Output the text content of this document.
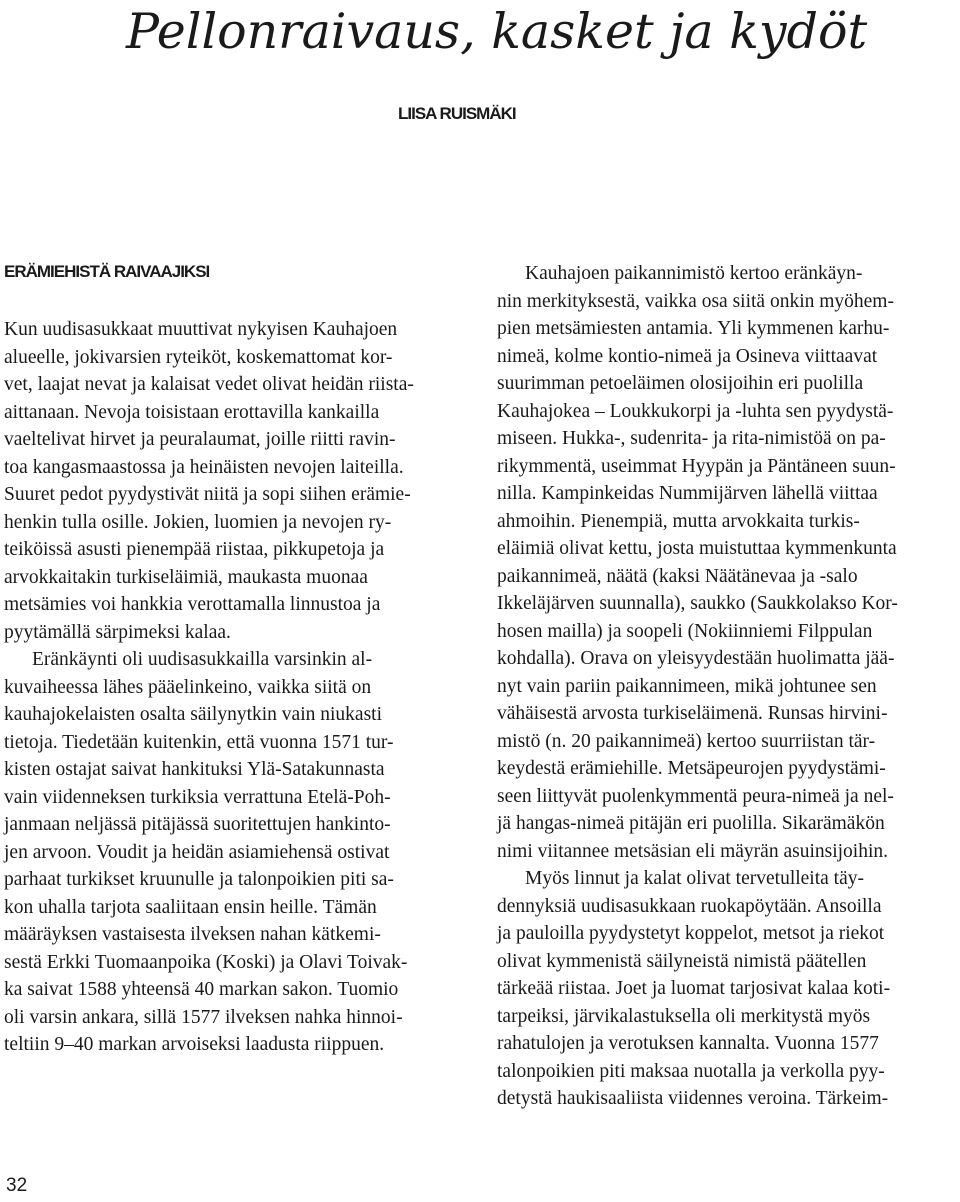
Pellonraivaus, kasket ja kydöt
LIISA RUISMÄKI
ERÄMIEHISTÄ RAIVAAJIKSI
Kun uudisasukkaat muuttivat nykyisen Kauhajoen
alueelle, jokivarsien ryteiköt, koskemattomat kor-
vet, laajat nevat ja kalaisat vedet olivat heidän riista-
aittanaan. Nevoja toisistaan erottavilla kankailla
vaeltelivat hirvet ja peuralaumat, joille riitti ravin-
toa kangasmaastossa ja heinäisten nevojen laiteilla.
Suuret pedot pyydystivät niitä ja sopi siihen erämie-
henkin tulla osille. Jokien, luomien ja nevojen ry-
teiköissä asusti pienempää riistaa, pikkupetoja ja
arvokkaitakin turkiseläimiä, maukasta muonaa
metsämies voi hankkia verottamalla linnustoa ja
pyytämällä särpimeksi kalaa.
Eränkäynti oli uudisasukkailla varsinkin al-
kuvaiheessa lähes pääelinkeino, vaikka siitä on
kauhajokelaisten osalta säilynytkin vain niukasti
tietoja. Tiedetään kuitenkin, että vuonna 1571 tur-
kisten ostajat saivat hankituksi Ylä-Satakunnasta
vain viidenneksen turkiksia verrattuna Etelä-Poh-
janmaan neljässä pitäjässä suoritettujen hankinto-
jen arvoon. Voudit ja heidän asiamiehensä ostivat
parhaat turkikset kruunulle ja talonpoikien piti sa-
kon uhalla tarjota saaliitaan ensin heille. Tämän
määräyksen vastaisesta ilveksen nahan kätkemi-
sestä Erkki Tuomaanpoika (Koski) ja Olavi Toivak-
ka saivat 1588 yhteensä 40 markan sakon. Tuomio
oli varsin ankara, sillä 1577 ilveksen nahka hinnoi-
teltiin 9–40 markan arvoiseksi laadusta riippuen.
Kauhajoen paikannimistö kertoo eränkäyn-
nin merkityksestä, vaikka osa siitä onkin myöhem-
pien metsämiesten antamia. Yli kymmenen karhu-
nimeä, kolme kontio-nimeä ja Osineva viittaavat
suurimman petoeläimen olosijoihin eri puolilla
Kauhajokea – Loukkukorpi ja -luhta sen pyydystä-
miseen. Hukka-, sudenrita- ja rita-nimistöä on pa-
rikymmentä, useimmat Hyypän ja Päntäneen suun-
nilla. Kampinkeidas Nummijärven lähellä viittaa
ahmoihin. Pienempiä, mutta arvokkaita turkis-
eläimiä olivat kettu, josta muistuttaa kymmenkunta
paikannimeä, näätä (kaksi Näätänevaa ja -salo
Ikkeläjärven suunnalla), saukko (Saukkolakso Kor-
hosen mailla) ja soopeli (Nokiinniemi Filppulan
kohdalla). Orava on yleisyydestään huolimatta jää-
nyt vain pariin paikannimeen, mikä johtunee sen
vähäisestä arvosta turkiseläimenä. Runsas hirvini-
mistö (n. 20 paikannimeä) kertoo suurriistan tär-
keydestä erämiehille. Metsäpeurojen pyydystämi-
seen liittyvät puolenkymmentä peura-nimeä ja nel-
jä hangas-nimeä pitäjän eri puolilla. Sikarämäkön
nimi viitannee metsäsian eli mäyrän asuinsijoihin.
Myös linnut ja kalat olivat tervetulleita täy-
dennyksiä uudisasukkaan ruokapöytään. Ansoilla
ja pauloilla pyydystetyt koppelot, metsot ja riekot
olivat kymmenistä säilyneistä nimistä päätellen
tärkeää riistaa. Joet ja luomat tarjosivat kalaa koti-
tarpeiksi, järvikalastuksella oli merkitystä myös
rahatulojen ja verotuksen kannalta. Vuonna 1577
talonpoikien piti maksaa nuotalla ja verkolla pyy-
detystä haukisaaliista viidennes veroina. Tärkeim-
32
